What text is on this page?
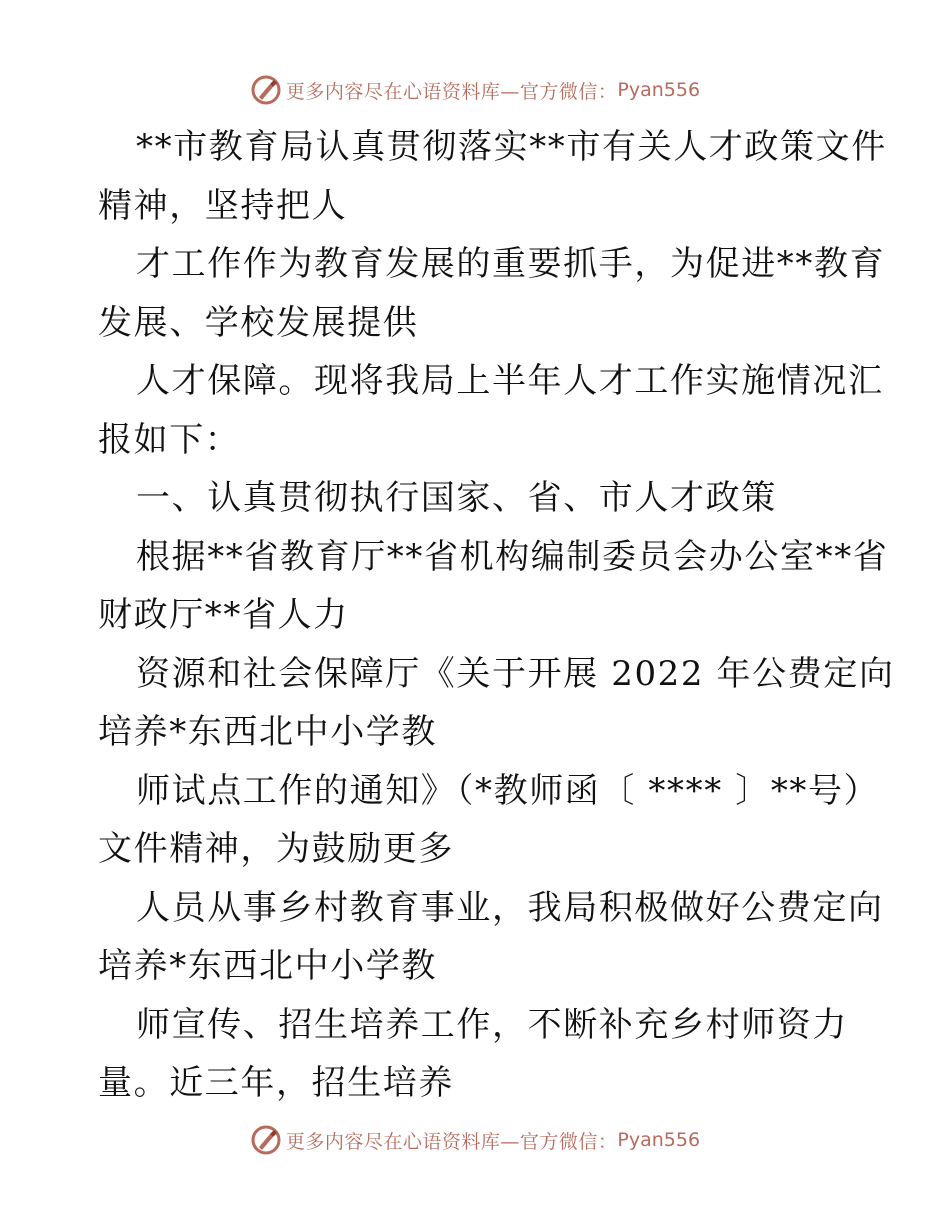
更多内容尽在心语资料库—官方微信： Pyan556
**市教育局认真贯彻落实**市有关人才政策文件
精神，坚持把人
才工作作为教育发展的重要抓手，为促进**教育
发展、学校发展提供
人才保障。现将我局上半年人才工作实施情况汇
报如下：
一、认真贯彻执行国家、省、市人才政策
根据**省教育厅**省机构编制委员会办公室**省
财政厅**省人力
资源和社会保障厅《关于开展 2022 年公费定向
培养*东西北中小学教
师试点工作的通知》（*教师函〔 **** 〕**号）
文件精神，为鼓励更多
人员从事乡村教育事业，我局积极做好公费定向
培养*东西北中小学教
师宣传、招生培养工作，不断补充乡村师资力
量。近三年，招生培养
更多内容尽在心语资料库—官方微信： Pyan556
